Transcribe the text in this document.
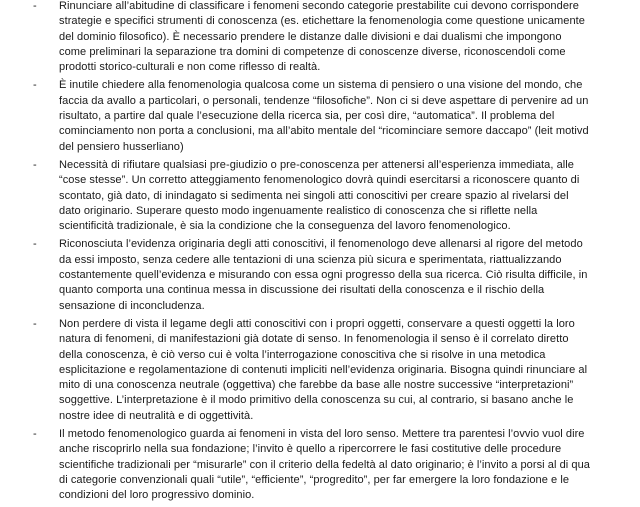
- Rinunciare all’abitudine di classificare i fenomeni secondo categorie prestabilite cui devono corrispondere strategie e specifici strumenti di conoscenza (es. etichettare la fenomenologia come questione unicamente del dominio filosofico). È necessario prendere le distanze dalle divisioni e dai dualismi che impongono come preliminari la separazione tra domini di competenze di conoscenze diverse, riconoscendoli come prodotti storico-culturali e non come riflesso di realtà.
- È inutile chiedere alla fenomenologia qualcosa come un sistema di pensiero o una visione del mondo, che faccia da avallo a particolari, o personali, tendenze “filosofiche”. Non ci si deve aspettare di pervenire ad un risultato, a partire dal quale l’esecuzione della ricerca sia, per così dire, “automatica”. Il problema del cominciamento non porta a conclusioni, ma all’abito mentale del “ricominciare semore daccapo” (leit motivd del pensiero husserliano)
- Necessità di rifiutare qualsiasi pre-giudizio o pre-conoscenza per attenersi all’esperienza immediata, alle “cose stesse”. Un corretto atteggiamento fenomenologico dovrà quindi esercitarsi a riconoscere quanto di scontato, già dato, di inindagato si sedimenta nei singoli atti conoscitivi per creare spazio al rivelarsi del dato originario. Superare questo modo ingenuamente realistico di conoscenza che si riflette nella scientificità tradizionale, è sia la condizione che la conseguenza del lavoro fenomenologico.
- Riconosciuta l’evidenza originaria degli atti conoscitivi, il fenomenologo deve allenarsi al rigore del metodo da essi imposto, senza cedere alle tentazioni di una scienza più sicura e sperimentata, riattualizzando costantemente quell’evidenza e misurando con essa ogni progresso della sua ricerca. Ciò risulta difficile, in quanto comporta una continua messa in discussione dei risultati della conoscenza e il rischio della sensazione di inconcludenza.
- Non perdere di vista il legame degli atti conoscitivi con i propri oggetti, conservare a questi oggetti la loro natura di fenomeni, di manifestazioni già dotate di senso. In fenomenologia il senso è il correlato diretto della conoscenza, è ciò verso cui è volta l’interrogazione conoscitiva che si risolve in una metodica esplicitazione e regolamentazione di contenuti impliciti nell’evidenza originaria. Bisogna quindi rinunciare al mito di una conoscenza neutrale (oggettiva) che farebbe da base alle nostre successive “interpretazioni” soggettive. L’interpretazione è il modo primitivo della conoscenza su cui, al contrario, si basano anche le nostre idee di neutralità e di oggettività.
- Il metodo fenomenologico guarda ai fenomeni in vista del loro senso. Mettere tra parentesi l’ovvio vuol dire anche riscoprirlo nella sua fondazione; l’invito è quello a ripercorrere le fasi costitutive delle procedure scientifiche tradizionali per “misurarle” con il criterio della fedeltà al dato originario; è l’invito a porsi al di qua di categorie convenzionali quali “utile”, “efficiente”, “progredito”, per far emergere la loro fondazione e le condizioni del loro progressivo dominio.
